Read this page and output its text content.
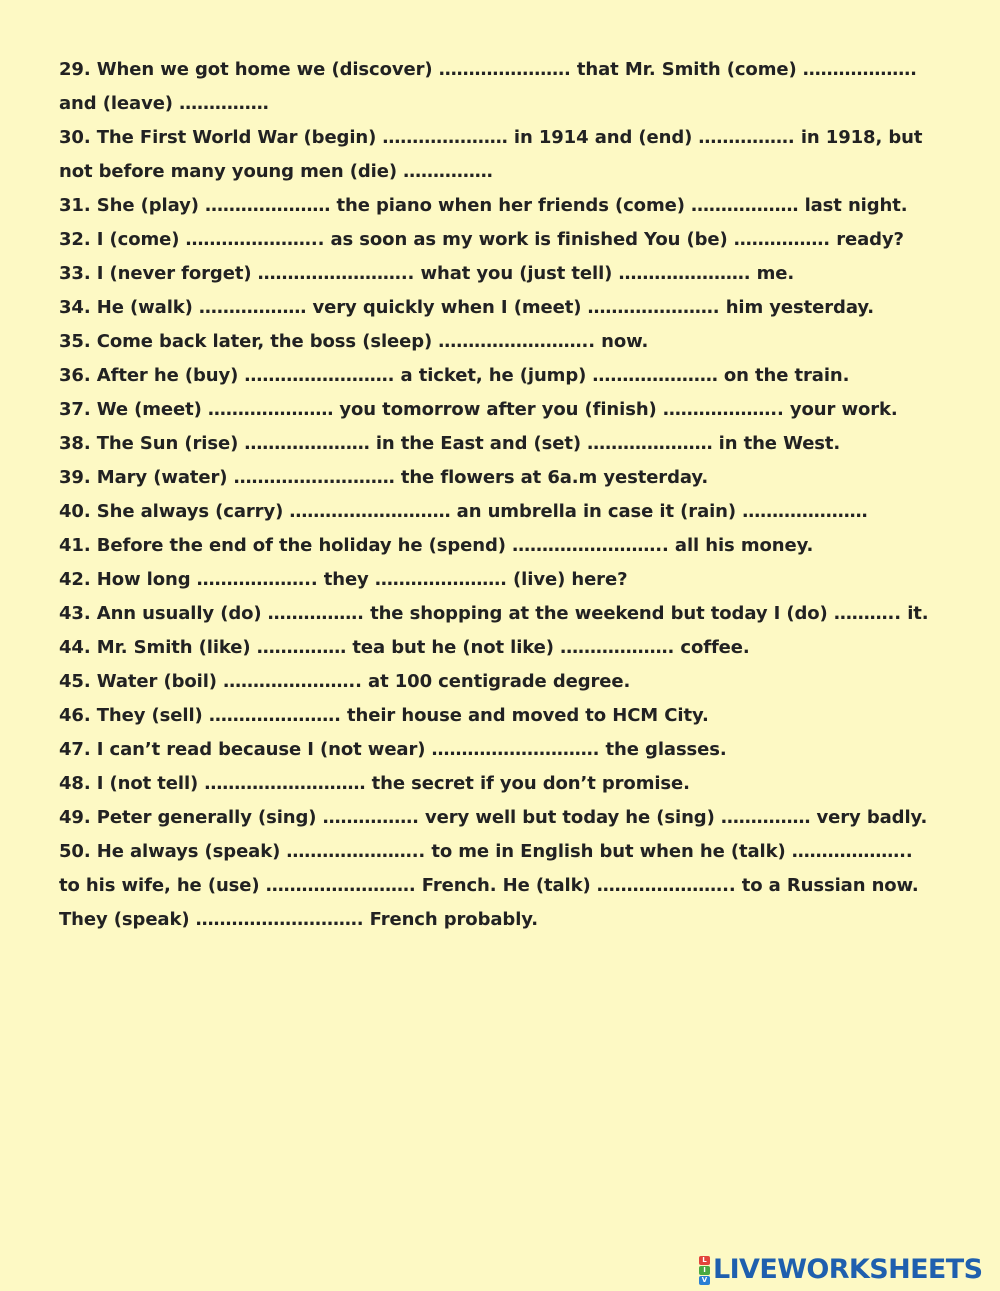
29. When we got home we (discover) …………………. that Mr. Smith (come) ………………. and (leave) ……………

30. The First World War (begin) ………………… in 1914 and (end) ……………. in 1918, but not before many young men (die) ……………

31. She (play) ………………… the piano when her friends (come) ……………… last night.

32. I (come) ………………….. as soon as my work is finished You (be) ……………. ready?

33. I (never forget) …………………….. what you (just tell) …………………. me.

34. He (walk) ……………… very quickly when I (meet) …………………. him yesterday.

35. Come back later, the boss (sleep) …………………….. now.

36. After he (buy) ……………………. a ticket, he (jump) ………………… on the train.

37. We (meet) ………………… you tomorrow after you (finish) ……………….. your work.

38. The Sun (rise) ………………… in the East and (set) ………………… in the West.

39. Mary (water) ……………………… the flowers at 6a.m yesterday.

40. She always (carry) ……………………… an umbrella in case it (rain) …………………

41. Before the end of the holiday he (spend) …………………….. all his money.

42. How long ……………….. they …………………. (live) here?

43. Ann usually (do) ……………. the shopping at the weekend but today I (do) ……….. it.

44. Mr. Smith (like) …………… tea but he (not like) ………………. coffee.

45. Water (boil) ………………….. at 100 centigrade degree.

46. They (sell) …………………. their house and moved to HCM City.

47. I can’t read because I (not wear) ………………………. the glasses.

48. I (not tell) ……………………… the secret if you don’t promise.

49. Peter generally (sing) ……………. very well but today he (sing) …………… very badly.

50. He always (speak) ………………….. to me in English but when he (talk) ……………….. to his wife, he (use) ……………………. French. He (talk) ………………….. to a Russian now. They (speak) ………………………. French probably.

L
I
V LIVEWORKSHEETS
